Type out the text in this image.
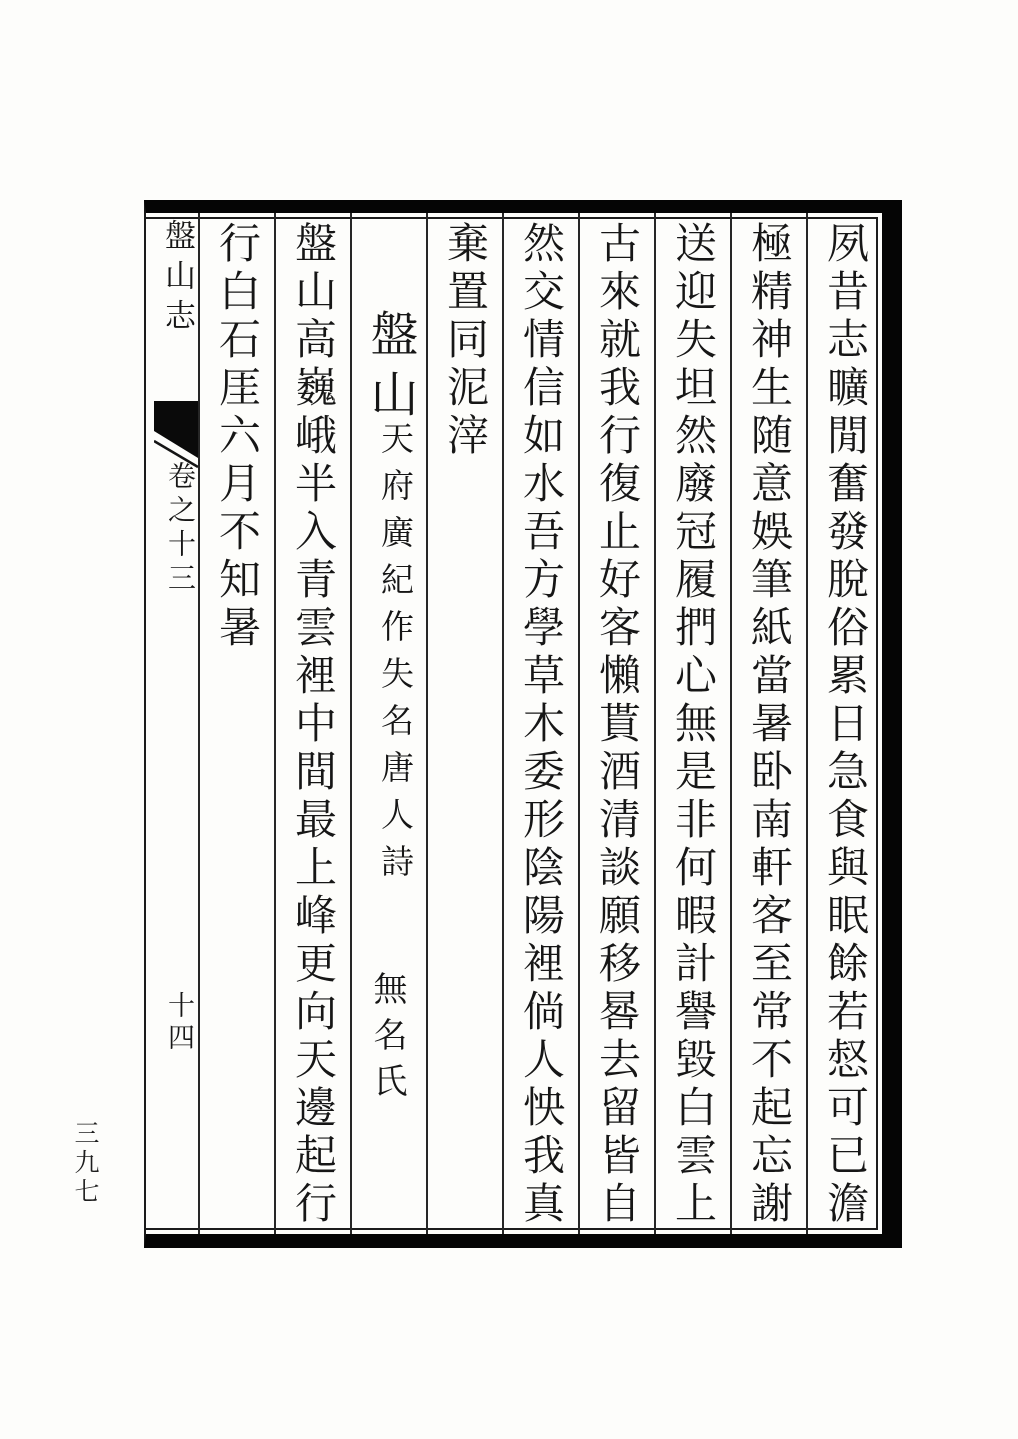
夙昔志曠閒奮發脫俗累日急食與眠餘若惄可已澹
極精神生随意娛筆紙當暑卧南軒客至常不起忘謝
送迎失坦然廢冠履捫心無是非何暇計譽毀白雲上
古來就我行復止好客懶貰酒清談願移晷去留皆自
然交情信如水吾方學草木委形陰陽裡倘人怏我真
棄置同泥滓
盤山
天府廣紀作失名唐人詩
無名氏
盤山高巍峨半入青雲裡中間最上峰更向天邊起行
行白石厓六月不知暑
盤山志
卷之十三
十四
三九七
